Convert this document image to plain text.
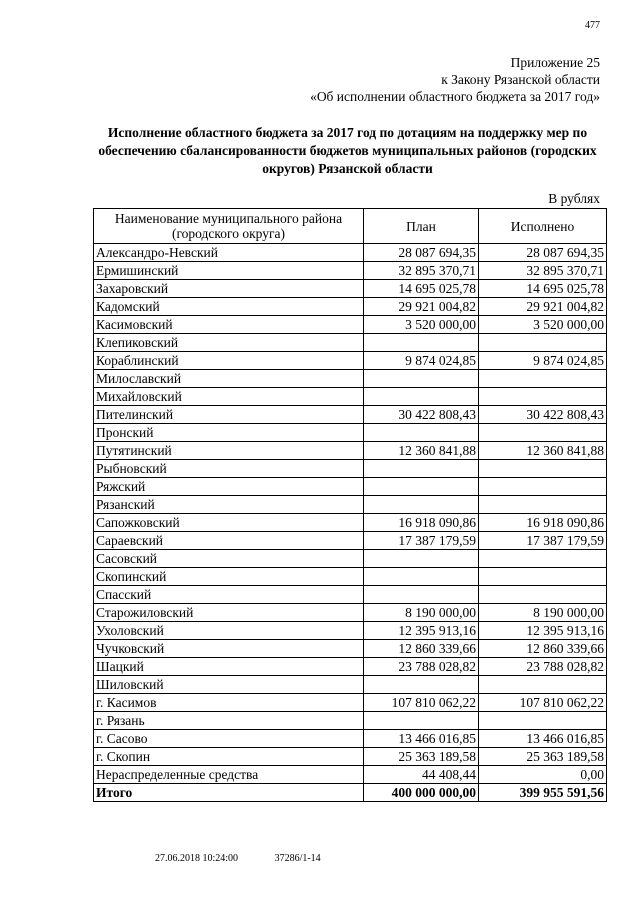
477
Приложение 25
к Закону Рязанской области
«Об исполнении областного бюджета за 2017 год»
Исполнение областного бюджета за 2017 год по дотациям на поддержку мер по обеспечению сбалансированности бюджетов муниципальных районов (городских округов) Рязанской области
В рублях
Наименование муниципального района (городского округа)	План	Исполнено
Александро-Невский	28 087 694,35	28 087 694,35
Ермишинский	32 895 370,71	32 895 370,71
Захаровский	14 695 025,78	14 695 025,78
Кадомский	29 921 004,82	29 921 004,82
Касимовский	3 520 000,00	3 520 000,00
Клепиковский		
Кораблинский	9 874 024,85	9 874 024,85
Милославский		
Михайловский		
Пителинский	30 422 808,43	30 422 808,43
Пронский		
Путятинский	12 360 841,88	12 360 841,88
Рыбновский		
Ряжский		
Рязанский		
Сапожковский	16 918 090,86	16 918 090,86
Сараевский	17 387 179,59	17 387 179,59
Сасовский		
Скопинский		
Спасский		
Старожиловский	8 190 000,00	8 190 000,00
Ухоловский	12 395 913,16	12 395 913,16
Чучковский	12 860 339,66	12 860 339,66
Шацкий	23 788 028,82	23 788 028,82
Шиловский		
г. Касимов	107 810 062,22	107 810 062,22
г. Рязань		
г. Сасово	13 466 016,85	13 466 016,85
г. Скопин	25 363 189,58	25 363 189,58
Нераспределенные средства	44 408,44	0,00
Итого	400 000 000,00	399 955 591,56
27.06.2018 10:24:00	37286/1-14
